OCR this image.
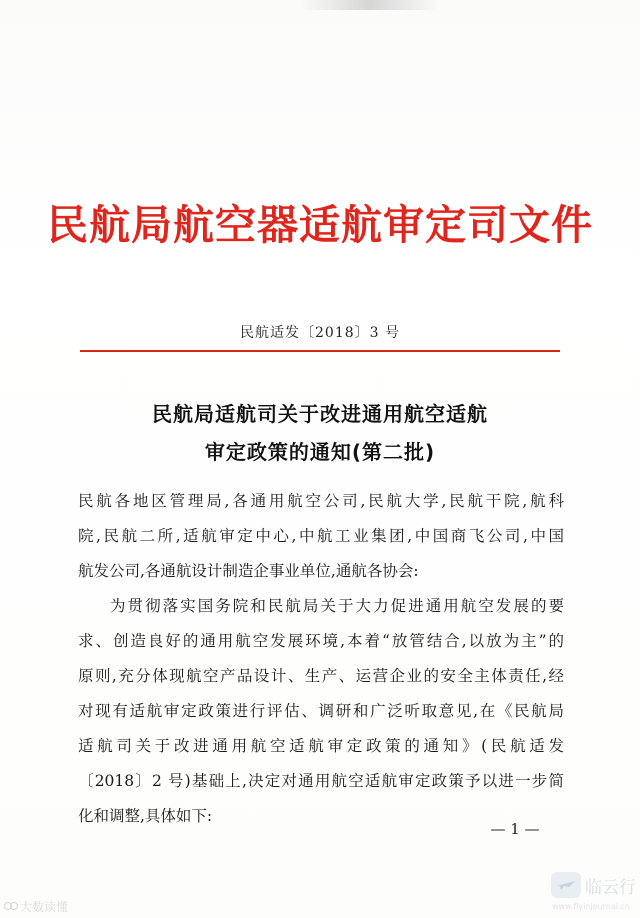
民航局航空器适航审定司文件
民航适发〔2018〕3 号
民航局适航司关于改进通用航空适航
审定政策的通知(第二批)
民航各地区管理局,各通用航空公司,民航大学,民航干院,航科
院,民航二所,适航审定中心,中航工业集团,中国商飞公司,中国
航发公司,各通航设计制造企事业单位,通航各协会:
为贯彻落实国务院和民航局关于大力促进通用航空发展的要
求、创造良好的通用航空发展环境,本着“放管结合,以放为主”的
原则,充分体现航空产品设计、生产、运营企业的安全主体责任,经
对现有适航审定政策进行评估、调研和广泛听取意见,在《民航局
适航司关于改进通用航空适航审定政策的通知》(民航适发
〔2018〕2 号)基础上,决定对通用航空适航审定政策予以进一步简
化和调整,具体如下:
— 1 —
大数读懂
临云行
www.flyinjournal.cn
